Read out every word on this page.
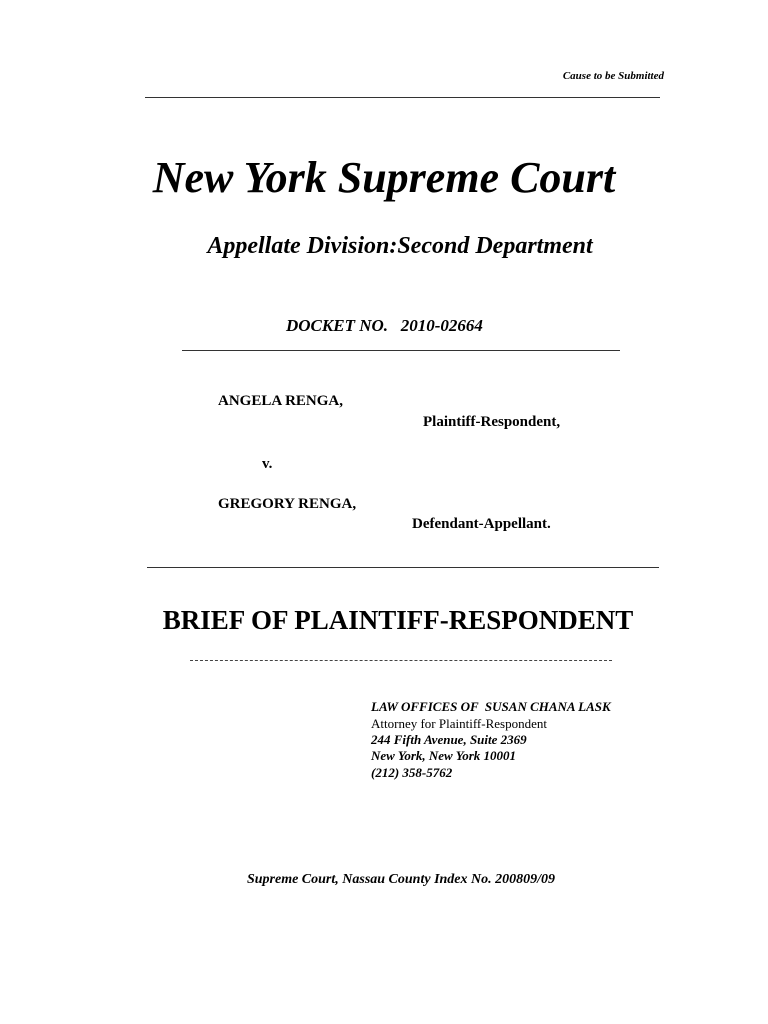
Cause to be Submitted
New York Supreme Court
Appellate Division:Second Department
DOCKET NO.   2010-02664
ANGELA RENGA,
Plaintiff-Respondent,
v.
GREGORY RENGA,
Defendant-Appellant.
BRIEF OF PLAINTIFF-RESPONDENT
LAW OFFICES OF  SUSAN CHANA LASK
Attorney for Plaintiff-Respondent
244 Fifth Avenue, Suite 2369
New York, New York 10001
(212) 358-5762
Supreme Court, Nassau County Index No. 200809/09
